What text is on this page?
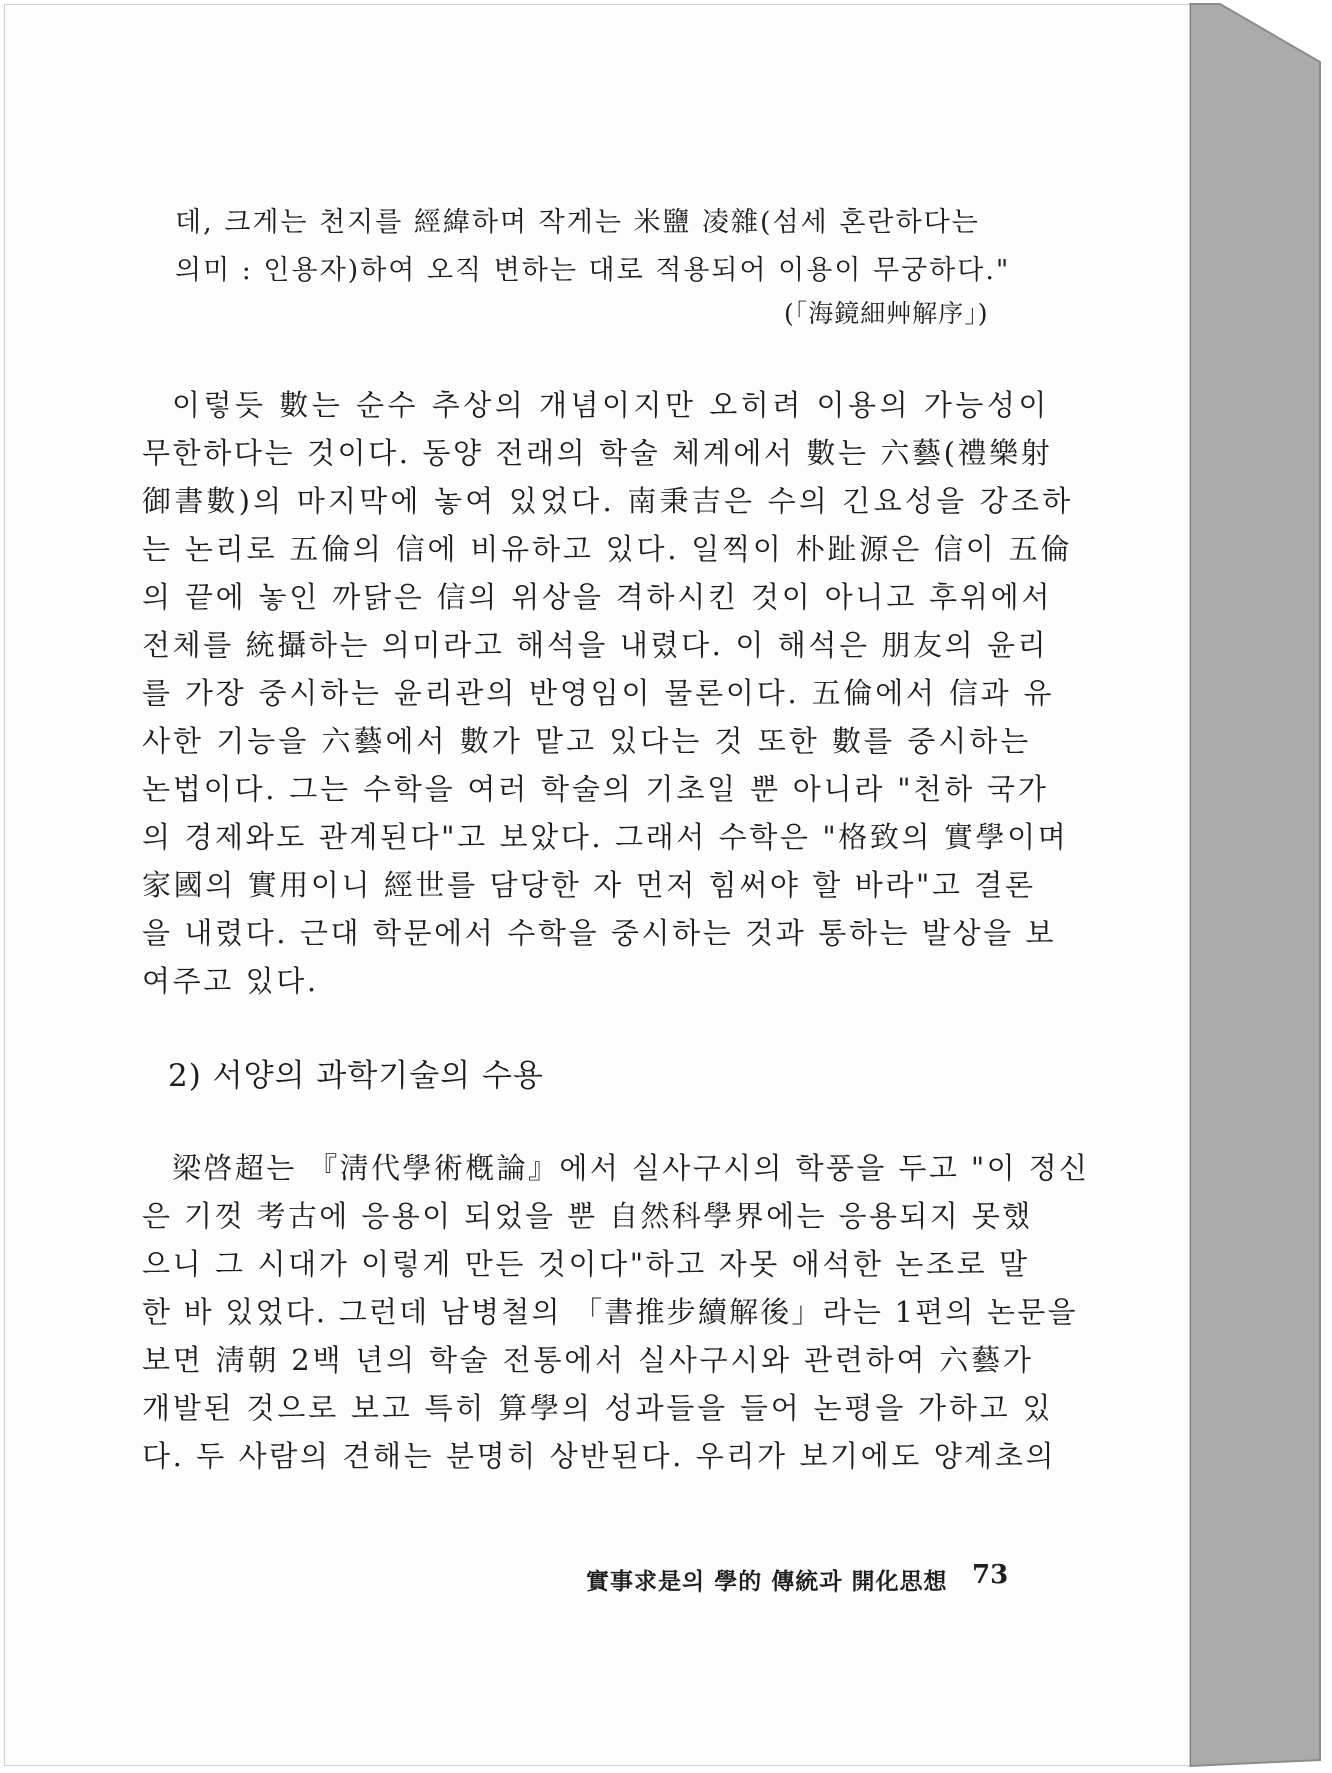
데, 크게는 천지를 經緯하며 작게는 米鹽 凌雜(섬세 혼란하다는
의미 : 인용자)하여 오직 변하는 대로 적용되어 이용이 무궁하다."
(「海鏡細艸解序」)
이렇듯 數는 순수 추상의 개념이지만 오히려 이용의 가능성이
무한하다는 것이다. 동양 전래의 학술 체계에서 數는 六藝(禮樂射
御書數)의 마지막에 놓여 있었다. 南秉吉은 수의 긴요성을 강조하
는 논리로 五倫의 信에 비유하고 있다. 일찍이 朴趾源은 信이 五倫
의 끝에 놓인 까닭은 信의 위상을 격하시킨 것이 아니고 후위에서
전체를 統攝하는 의미라고 해석을 내렸다. 이 해석은 朋友의 윤리
를 가장 중시하는 윤리관의 반영임이 물론이다. 五倫에서 信과 유
사한 기능을 六藝에서 數가 맡고 있다는 것 또한 數를 중시하는
논법이다. 그는 수학을 여러 학술의 기초일 뿐 아니라 "천하 국가
의 경제와도 관계된다"고 보았다. 그래서 수학은 "格致의 實學이며
家國의 實用이니 經世를 담당한 자 먼저 힘써야 할 바라"고 결론
을 내렸다. 근대 학문에서 수학을 중시하는 것과 통하는 발상을 보
여주고 있다.
2) 서양의 과학기술의 수용
梁啓超는 『淸代學術槪論』에서 실사구시의 학풍을 두고 "이 정신
은 기껏 考古에 응용이 되었을 뿐 自然科學界에는 응용되지 못했
으니 그 시대가 이렇게 만든 것이다"하고 자못 애석한 논조로 말
한 바 있었다. 그런데 남병철의 「書推步續解後」라는 1편의 논문을
보면 淸朝 2백 년의 학술 전통에서 실사구시와 관련하여 六藝가
개발된 것으로 보고 특히 算學의 성과들을 들어 논평을 가하고 있
다. 두 사람의 견해는 분명히 상반된다. 우리가 보기에도 양계초의
實事求是의 學的 傳統과 開化思想 73
